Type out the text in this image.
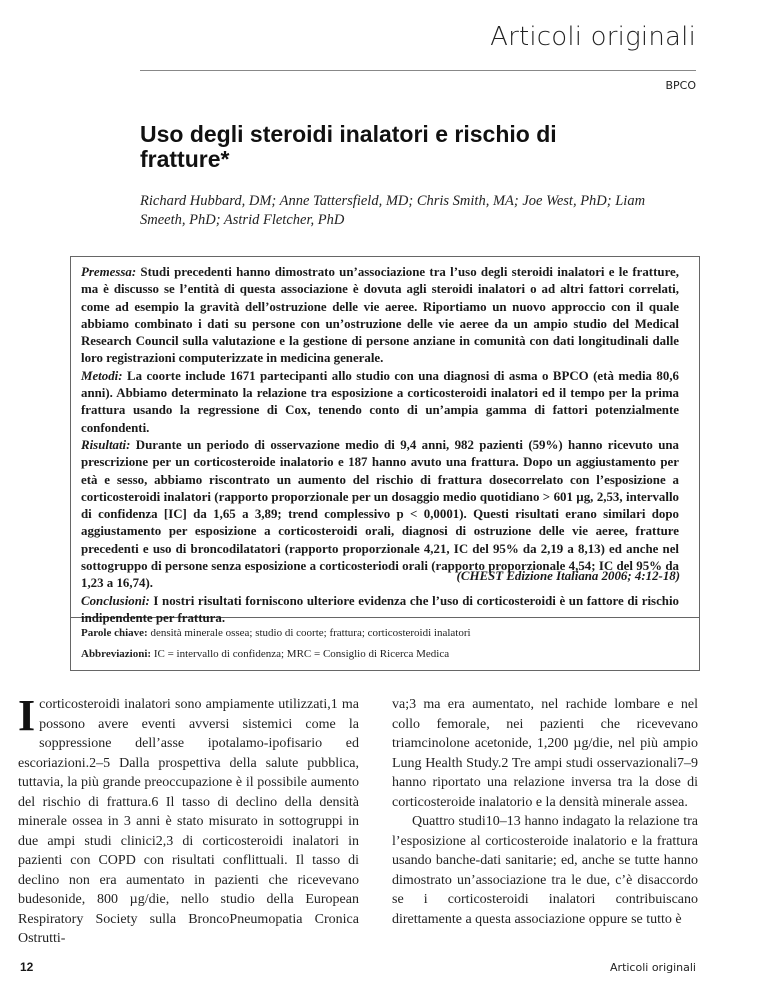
Articoli originali
BPCO
Uso degli steroidi inalatori e rischio di fratture*
Richard Hubbard, DM; Anne Tattersfield, MD; Chris Smith, MA; Joe West, PhD; Liam Smeeth, PhD; Astrid Fletcher, PhD

Premessa: Studi precedenti hanno dimostrato un’associazione tra l’uso degli steroidi inalatori e le fratture, ma è discusso se l’entità di questa associazione è dovuta agli steroidi inalatori o ad altri fattori correlati, come ad esempio la gravità dell’ostruzione delle vie aeree. Riportiamo un nuovo approccio con il quale abbiamo combinato i dati su persone con un’ostruzione delle vie aeree da un ampio studio del Medical Research Council sulla valutazione e la gestione di persone anziane in comunità con dati longitudinali dalle loro registrazioni computerizzate in medicina generale.

Metodi: La coorte include 1671 partecipanti allo studio con una diagnosi di asma o BPCO (età media 80,6 anni). Abbiamo determinato la relazione tra esposizione a corticosteroidi inalatori ed il tempo per la prima frattura usando la regressione di Cox, tenendo conto di un’ampia gamma di fattori potenzialmente confondenti.

Risultati: Durante un periodo di osservazione medio di 9,4 anni, 982 pazienti (59%) hanno ricevuto una prescrizione per un corticosteroide inalatorio e 187 hanno avuto una frattura. Dopo un aggiustamento per età e sesso, abbiamo riscontrato un aumento del rischio di frattura dosecorrelato con l’esposizione a corticosteroidi inalatori (rapporto proporzionale per un dosaggio medio quotidiano > 601 µg, 2,53, intervallo di confidenza [IC] da 1,65 a 3,89; trend complessivo p < 0,0001). Questi risultati erano similari dopo aggiustamento per esposizione a corticosteroidi orali, diagnosi di ostruzione delle vie aeree, fratture precedenti e uso di broncodilatatori (rapporto proporzionale 4,21, IC del 95% da 2,19 a 8,13) ed anche nel sottogruppo di persone senza esposizione a corticosteriodi orali (rapporto proporzionale 4,54; IC del 95% da 1,23 a 16,74).

Conclusioni: I nostri risultati forniscono ulteriore evidenza che l’uso di corticosteroidi è un fattore di rischio indipendente per frattura.

(CHEST Edizione Italiana 2006; 4:12-18)
Parole chiave: densità minerale ossea; studio di coorte; frattura; corticosteroidi inalatori
Abbreviazioni: IC = intervallo di confidenza; MRC = Consiglio di Ricerca Medica

Icorticosteroidi inalatori sono ampiamente utilizzati,1 ma possono avere eventi avversi sistemici come la soppressione dell’asse ipotalamo-ipofisario ed escoriazioni.2–5 Dalla prospettiva della salute pubblica, tuttavia, la più grande preoccupazione è il possibile aumento del rischio di frattura.6 Il tasso di declino della densità minerale ossea in 3 anni è stato misurato in sottogruppi in due ampi studi clinici2,3 di corticosteroidi inalatori in pazienti con COPD con risultati conflittuali. Il tasso di declino non era aumentato in pazienti che ricevevano budesonide, 800 µg/die, nello studio della European Respiratory Society sulla BroncoPneumopatia Cronica Ostrutti-

va;3 ma era aumentato, nel rachide lombare e nel collo femorale, nei pazienti che ricevevano triamcinolone acetonide, 1,200 µg/die, nel più ampio Lung Health Study.2 Tre ampi studi osservazionali7–9 hanno riportato una relazione inversa tra la dose di corticosteroide inalatorio e la densità minerale assea.

Quattro studi10–13 hanno indagato la relazione tra l’esposizione al corticosteroide inalatorio e la frattura usando banche-dati sanitarie; ed, anche se tutte hanno dimostrato un’associazione tra le due, c’è disaccordo se i corticosteroidi inalatori contribuiscano direttamente a questa associazione oppure se tutto è

12	Articoli originali
